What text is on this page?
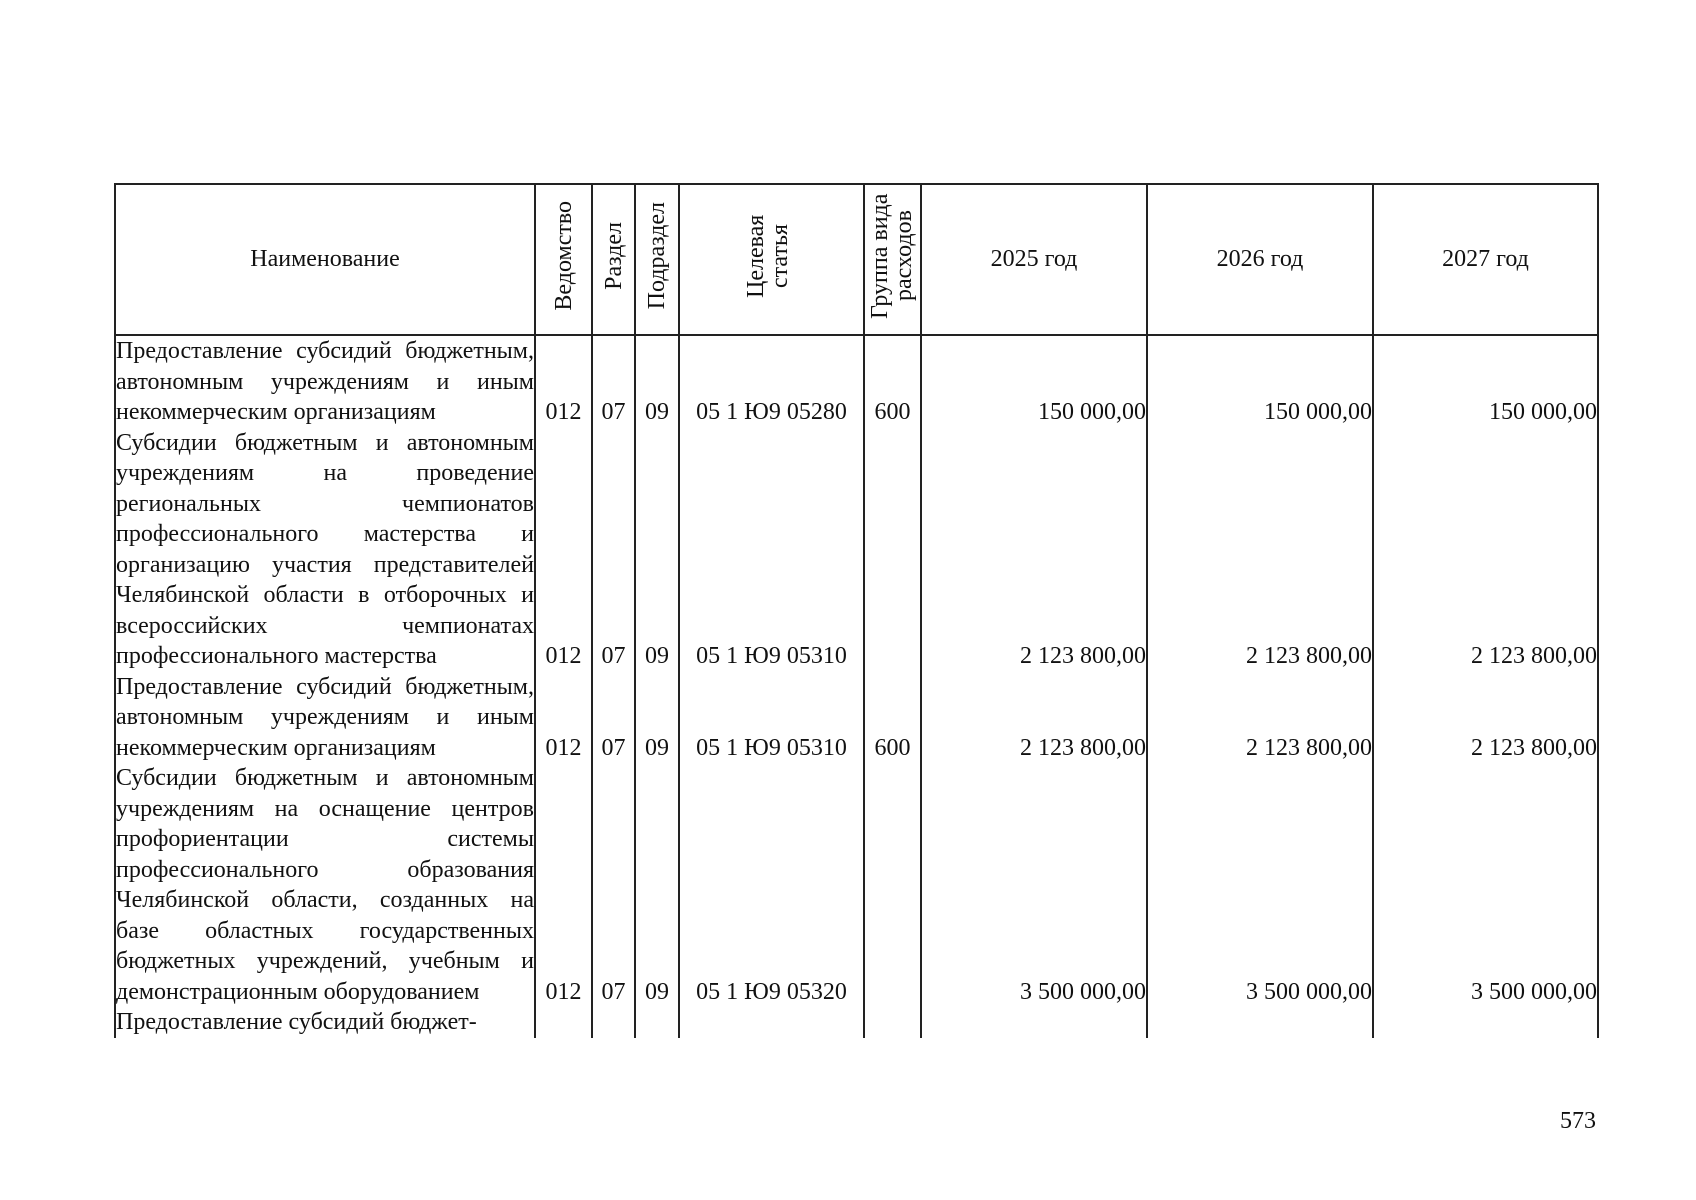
Наименование	Ведомство	Раздел	Подраздел	Целевая статья	Группа вида расходов	2025 год	2026 год	2027 год
Предоставление субсидий бюджетным, автономным учреждениям и иным некоммерческим организациям	012	07	09	05 1 Ю9 05280	600	150 000,00	150 000,00	150 000,00
Субсидии бюджетным и автономным учреждениям на проведение региональных чемпионатов профессионального мастерства и организацию участия представителей Челябинской области в отборочных и всероссийских чемпионатах профессионального мастерства	012	07	09	05 1 Ю9 05310		2 123 800,00	2 123 800,00	2 123 800,00
Предоставление субсидий бюджетным, автономным учреждениям и иным некоммерческим организациям	012	07	09	05 1 Ю9 05310	600	2 123 800,00	2 123 800,00	2 123 800,00
Субсидии бюджетным и автономным учреждениям на оснащение центров профориентации системы профессионального образования Челябинской области, созданных на базе областных государственных бюджетных учреждений, учебным и демонстрационным оборудованием	012	07	09	05 1 Ю9 05320		3 500 000,00	3 500 000,00	3 500 000,00
Предоставление субсидий бюджет-								
573
